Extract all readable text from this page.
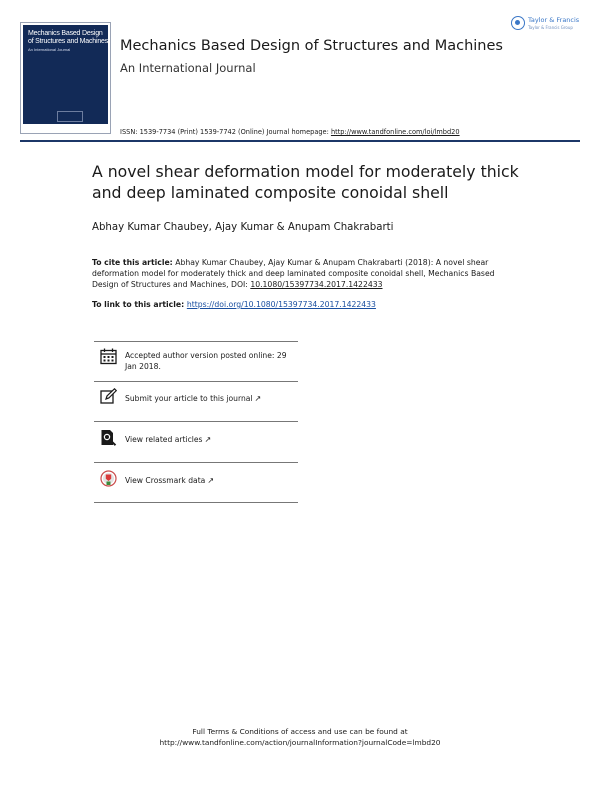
Mechanics Based Design of Structures and Machines
An International Journal	Mechanics Based Design of Structures and Machines
An International Journal
Taylor & Francis
Taylor & Francis Group
ISSN: 1539-7734 (Print) 1539-7742 (Online) Journal homepage: http://www.tandfonline.com/loi/lmbd20
A novel shear deformation model for moderately thick and deep laminated composite conoidal shell
Abhay Kumar Chaubey, Ajay Kumar & Anupam Chakrabarti
To cite this article: Abhay Kumar Chaubey, Ajay Kumar & Anupam Chakrabarti (2018): A novel shear deformation model for moderately thick and deep laminated composite conoidal shell, Mechanics Based Design of Structures and Machines, DOI: 10.1080/15397734.2017.1422433
To link to this article: https://doi.org/10.1080/15397734.2017.1422433
Accepted author version posted online: 29 Jan 2018.
Submit your article to this journal ↗
View related articles ↗
View Crossmark data ↗
Full Terms & Conditions of access and use can be found at
http://www.tandfonline.com/action/journalInformation?journalCode=lmbd20
